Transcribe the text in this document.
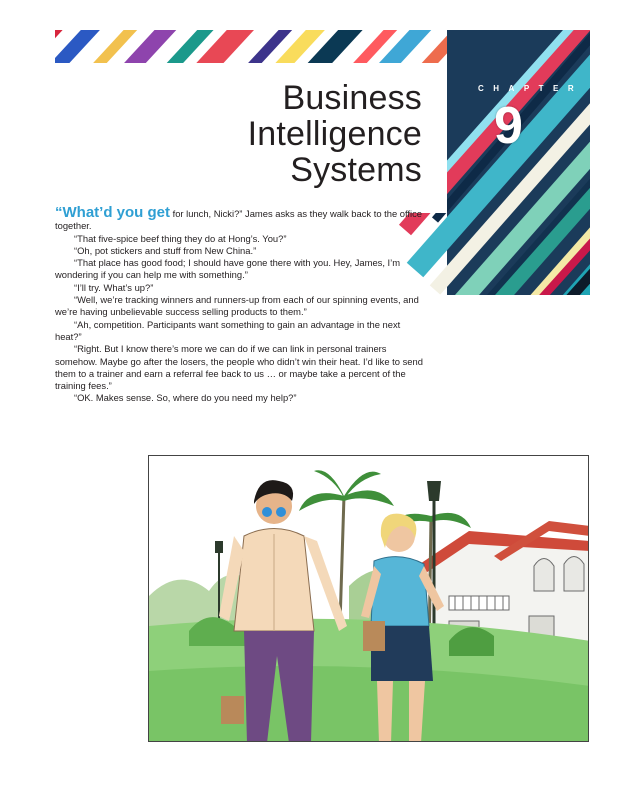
Business
Intelligence
Systems
CHAPTER
9

“What’d you get for lunch, Nicki?” James asks as they walk back to the office together.

“That five-spice beef thing they do at Hong’s. You?”

“Oh, pot stickers and stuff from New China.”

“That place has good food; I should have gone there with you. Hey, James, I’m wondering if you can help me with something.”

“I’ll try. What’s up?”

“Well, we’re tracking winners and runners-up from each of our spinning events, and we’re having unbelievable success selling products to them.”

“Ah, competition. Participants want something to gain an advantage in the next heat?”

“Right. But I know there’s more we can do if we can link in personal trainers somehow. Maybe go after the losers, the people who didn’t win their heat. I’d like to send them to a trainer and earn a referral fee back to us … or maybe take a percent of the training fees.”

“OK. Makes sense. So, where do you need my help?”
